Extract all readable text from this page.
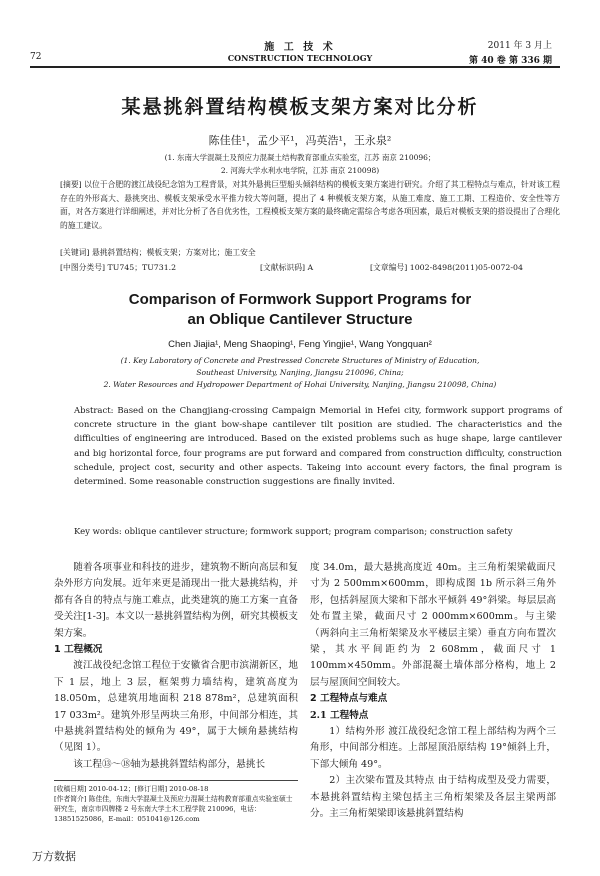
72
施 工 技 术
CONSTRUCTION TECHNOLOGY
2011 年 3 月上
第 40 卷 第 336 期
某悬挑斜置结构模板支架方案对比分析
陈佳佳¹，孟少平¹，冯英浩¹，王永泉²
(1. 东南大学混凝土及预应力混凝土结构教育部重点实验室，江苏 南京 210096；
2. 河海大学水利水电学院，江苏 南京 210098)
[摘要] 以位于合肥的渡江战役纪念馆为工程背景，对其外悬挑巨型船头倾斜结构的模板支架方案进行研究。介绍了其工程特点与难点，针对该工程存在的外形高大、悬挑突出、模板支架承受水平推力较大等问题，提出了 4 种模板支架方案，从施工难度、施工工期、工程造价、安全性等方面，对各方案进行详细阐述，并对比分析了各自优劣性，工程模板支架方案的最终确定需综合考虑各项因素，最后对模板支架的搭设提出了合理化的施工建议。
[关键词] 悬挑斜置结构；模板支架；方案对比；施工安全
[中图分类号] TU745；TU731.2	[文献标识码] A	[文章编号] 1002-8498(2011)05-0072-04
Comparison of Formwork Support Programs for
an Oblique Cantilever Structure
Chen Jiajia¹, Meng Shaoping¹, Feng Yingjie¹, Wang Yongquan²
(1. Key Laboratory of Concrete and Prestressed Concrete Structures of Ministry of Education,
Southeast University, Nanjing, Jiangsu 210096, China;
2. Water Resources and Hydropower Department of Hohai University, Nanjing, Jiangsu 210098, China)
Abstract: Based on the Changjiang-crossing Campaign Memorial in Hefei city, formwork support programs of concrete structure in the giant bow-shape cantilever tilt position are studied. The characteristics and the difficulties of engineering are introduced. Based on the existed problems such as huge shape, large cantilever and big horizontal force, four programs are put forward and compared from construction difficulty, construction schedule, project cost, security and other aspects. Takeing into account every factors, the final program is determined. Some reasonable construction suggestions are finally invited.
Key words: oblique cantilever structure; formwork support; program comparison; construction safety

随着各项事业和科技的进步，建筑物不断向高层和复杂外形方向发展。近年来更是涌现出一批大悬挑结构，并都有各自的特点与施工难点，此类建筑的施工方案一直备受关注[1-3]。本文以一悬挑斜置结构为例，研究其模板支架方案。

1 工程概况

渡江战役纪念馆工程位于安徽省合肥市滨湖新区，地下 1 层，地上 3 层，框架剪力墙结构，建筑高度为 18.050m，总建筑用地面积 218 878m²，总建筑面积17 033m²。建筑外形呈两块三角形，中间部分相连，其中悬挑斜置结构处的倾角为 49°，属于大倾角悬挑结构（见图 1）。

该工程⑬～⑱轴为悬挑斜置结构部分，悬挑长

度 34.0m，最大悬挑高度近 40m。主三角桁架梁截面尺寸为 2 500mm×600mm，即构成图 1b 所示斜三角外形，包括斜屋顶大梁和下部水平倾斜 49°斜梁。每层层高处布置主梁，截面尺寸 2 000mm×600mm。与主梁（两斜向主三角桁架梁及水平楼层主梁）垂直方向布置次梁，其水平间距约为 2 608mm，截面尺寸 1 100mm×450mm。外部混凝土墙体部分格构，地上 2 层与屋顶间空间较大。

2 工程特点与难点

2.1 工程特点

1）结构外形 渡江战役纪念馆工程上部结构为两个三角形，中间部分相连。上部屋顶沿原结构 19°倾斜上升，下部大倾角 49°。

2）主次梁布置及其特点 由于结构成型及受力需要，本悬挑斜置结构主梁包括主三角桁架梁及各层主梁两部分。主三角桁架梁即该悬挑斜置结构

[收稿日期] 2010-04-12；[修订日期] 2010-08-18
[作者简介] 陈佳佳，东南大学混凝土及预应力混凝土结构教育部重点实验室硕士研究生，南京市四牌楼 2 号东南大学土木工程学院 210096，电话：13851525086，E-mail：051041@126.com
万方数据
